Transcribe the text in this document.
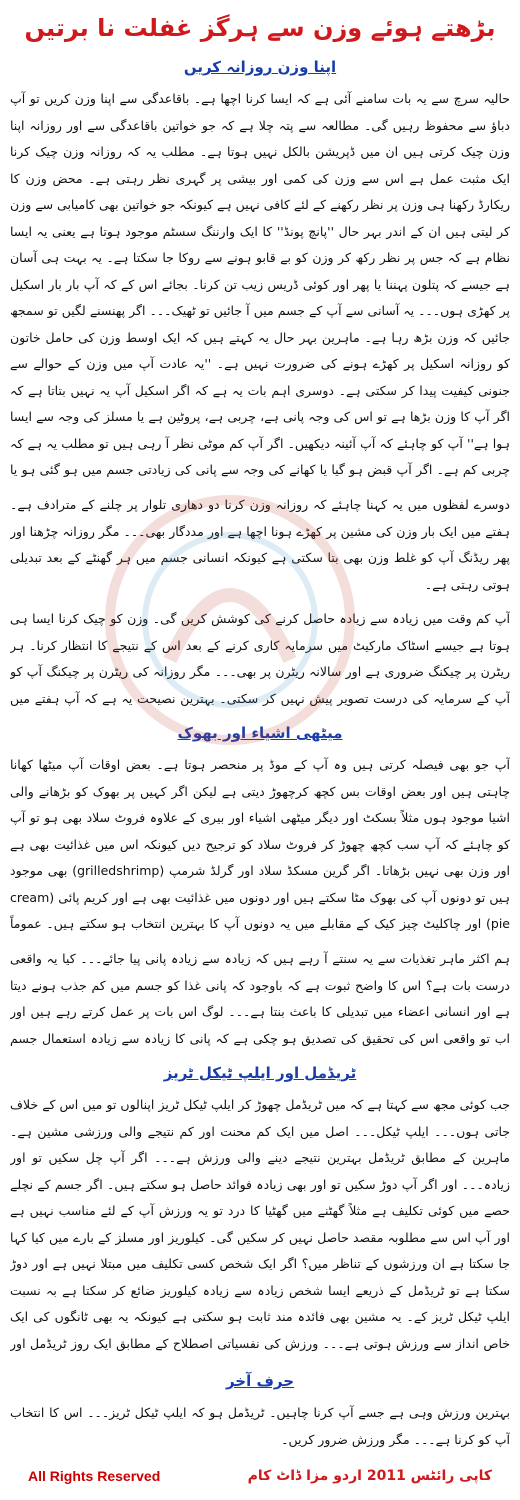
بڑھتے ہوئے وزن سے ہرگز غفلت نا برتیں
اپنا وزن روزانہ کریں

حالیہ سرچ سے یہ بات سامنے آئی ہے کہ ایسا کرنا اچھا ہے۔ باقاعدگی سے اپنا وزن کریں تو آپ دباؤ سے محفوظ رہیں گی۔ مطالعہ سے پتہ چلا ہے کہ جو خواتین باقاعدگی سے اور روزانہ اپنا وزن چیک کرتی ہیں ان میں ڈپریشن بالکل نہیں ہوتا ہے۔ مطلب یہ کہ روزانہ وزن چیک کرنا ایک مثبت عمل ہے اس سے وزن کی کمی اور بیشی پر گہری نظر رہتی ہے۔ محض وزن کا ریکارڈ رکھنا ہی وزن پر نظر رکھنے کے لئے کافی نہیں ہے کیونکہ جو خواتین بھی کامیابی سے وزن کر لیتی ہیں ان کے اندر بہر حال ''پانچ پونڈ'' کا ایک وارننگ سسٹم موجود ہوتا ہے یعنی یہ ایسا نظام ہے کہ جس پر نظر رکھ کر وزن کو بے قابو ہونے سے روکا جا سکتا ہے۔ یہ بہت ہی آسان ہے جیسے کہ پتلون پہننا یا پھر اور کوئی ڈریس زیب تن کرنا۔ بجائے اس کے کہ آپ بار بار اسکیل پر کھڑی ہوں۔۔۔ یہ آسانی سے آپ کے جسم میں آ جائیں تو ٹھیک۔۔۔ اگر پھنسنے لگیں تو سمجھ جائیں کہ وزن بڑھ رہا ہے۔ ماہرین بہر حال یہ کہتے ہیں کہ ایک اوسط وزن کی حامل خاتون کو روزانہ اسکیل پر کھڑے ہونے کی ضرورت نہیں ہے۔ ''یہ عادت آپ میں وزن کے حوالے سے جنونی کیفیت پیدا کر سکتی ہے۔ دوسری اہم بات یہ ہے کہ اگر اسکیل آپ یہ نہیں بتاتا ہے کہ اگر آپ کا وزن بڑھا ہے تو اس کی وجہ پانی ہے، چربی ہے، پروٹین ہے یا مسلز کی وجہ سے ایسا ہوا ہے'' آپ کو چاہئے کہ آپ آئینہ دیکھیں۔ اگر آپ کم موٹی نظر آ رہی ہیں تو مطلب یہ ہے کہ چربی کم ہے۔ اگر آپ قبض ہو گیا یا کھانے کی وجہ سے پانی کی زیادتی جسم میں ہو گئی ہو یا

دوسرے لفظوں میں یہ کہنا چاہئے کہ روزانہ وزن کرنا دو دھاری تلوار پر چلنے کے مترادف ہے۔ ہفتے میں ایک بار وزن کی مشین پر کھڑے ہونا اچھا ہے اور مددگار بھی۔۔۔ مگر روزانہ چڑھنا اور پھر ریڈنگ آپ کو غلط وزن بھی بتا سکتی ہے کیونکہ انسانی جسم میں ہر گھنٹے کے بعد تبدیلی ہوتی رہتی ہے۔

آپ کم وقت میں زیادہ سے زیادہ حاصل کرنے کی کوشش کریں گی۔ وزن کو چیک کرنا ایسا ہی ہوتا ہے جیسے اسٹاک مارکیٹ میں سرمایہ کاری کرنے کے بعد اس کے نتیجے کا انتظار کرنا۔ ہر ریٹرن پر چیکنگ ضروری ہے اور سالانہ ریٹرن پر بھی۔۔۔ مگر روزانہ کی ریٹرن پر چیکنگ آپ کو آپ کے سرمایہ کی درست تصویر پیش نہیں کر سکتی۔ بہترین نصیحت یہ ہے کہ آپ ہفتے میں

میٹھی اشیاء اور بھوک

آپ جو بھی فیصلہ کرتی ہیں وہ آپ کے موڈ پر منحصر ہوتا ہے۔ بعض اوقات آپ میٹھا کھانا چاہتی ہیں اور بعض اوقات بس کچھ کرچھوڑ دیتی ہے لیکن اگر کہیں پر بھوک کو بڑھانے والی اشیا موجود ہوں مثلاً بسکٹ اور دیگر میٹھی اشیاء اور بیری کے علاوہ فروٹ سلاد بھی ہو تو آپ کو چاہئے کہ آپ سب کچھ چھوڑ کر فروٹ سلاد کو ترجیح دیں کیونکہ اس میں غذائیت بھی ہے اور وزن بھی نہیں بڑھاتا۔ اگر گرین مسکڈ سلاد اور گرلڈ شرمپ (grilledshrimp) بھی موجود ہیں تو دونوں آپ کی بھوک مٹا سکتے ہیں اور دونوں میں غذائیت بھی ہے اور کریم پائی (cream pie) اور چاکلیٹ چیز کیک کے مقابلے میں یہ دونوں آپ کا بہترین انتخاب ہو سکتے ہیں۔ عموماً

ہم اکثر ماہر تغذیات سے یہ سنتے آ رہے ہیں کہ زیادہ سے زیادہ پانی پیا جائے۔۔۔ کیا یہ واقعی درست بات ہے؟ اس کا واضح ثبوت ہے کہ باوجود کہ پانی غذا کو جسم میں کم جذب ہونے دیتا ہے اور انسانی اعضاء میں تبدیلی کا باعث بنتا ہے۔۔۔ لوگ اس بات پر عمل کرتے رہے ہیں اور اب تو واقعی اس کی تحقیق کی تصدیق ہو چکی ہے کہ پانی کا زیادہ سے زیادہ استعمال جسم

ٹریڈمل اور ایلپ ٹیکل ٹریز

جب کوئی مجھ سے کہتا ہے کہ میں ٹریڈمل چھوڑ کر ایلپ ٹیکل ٹریز اپنالوں تو میں اس کے خلاف جاتی ہوں۔۔۔ ایلپ ٹیکل۔۔۔ اصل میں ایک کم محنت اور کم نتیجے والی ورزشی مشین ہے۔ ماہرین کے مطابق ٹریڈمل بہترین نتیجے دینے والی ورزش ہے۔۔۔ اگر آپ چل سکیں تو اور زیادہ۔۔۔ اور اگر آپ دوڑ سکیں تو اور بھی زیادہ فوائد حاصل ہو سکتے ہیں۔ اگر جسم کے نچلے حصے میں کوئی تکلیف ہے مثلاً گھٹنے میں گھٹیا کا درد تو یہ ورزش آپ کے لئے مناسب نہیں ہے اور آپ اس سے مطلوبہ مقصد حاصل نہیں کر سکیں گی۔ کیلوریز اور مسلز کے بارے میں کیا کہا جا سکتا ہے ان ورزشوں کے تناظر میں؟ اگر ایک شخص کسی تکلیف میں مبتلا نہیں ہے اور دوڑ سکتا ہے تو ٹریڈمل کے ذریعے ایسا شخص زیادہ سے زیادہ کیلوریز ضائع کر سکتا ہے بہ نسبت ایلپ ٹیکل ٹریز کے۔ یہ مشین بھی فائدہ مند ثابت ہو سکتی ہے کیونکہ یہ بھی ٹانگوں کی ایک خاص انداز سے ورزش ہوتی ہے۔۔۔ ورزش کی نفسیاتی اصطلاح کے مطابق ایک روز ٹریڈمل اور

حرف آخر

بہترین ورزش وہی ہے جسے آپ کرنا چاہیں۔ ٹریڈمل ہو کہ ایلپ ٹیکل ٹریز۔۔۔ اس کا انتخاب آپ کو کرنا ہے۔۔۔ مگر ورزش ضرور کریں۔

کاپی رائٹس 2011 اردو مزا ڈاٹ کام
All Rights Reserved
